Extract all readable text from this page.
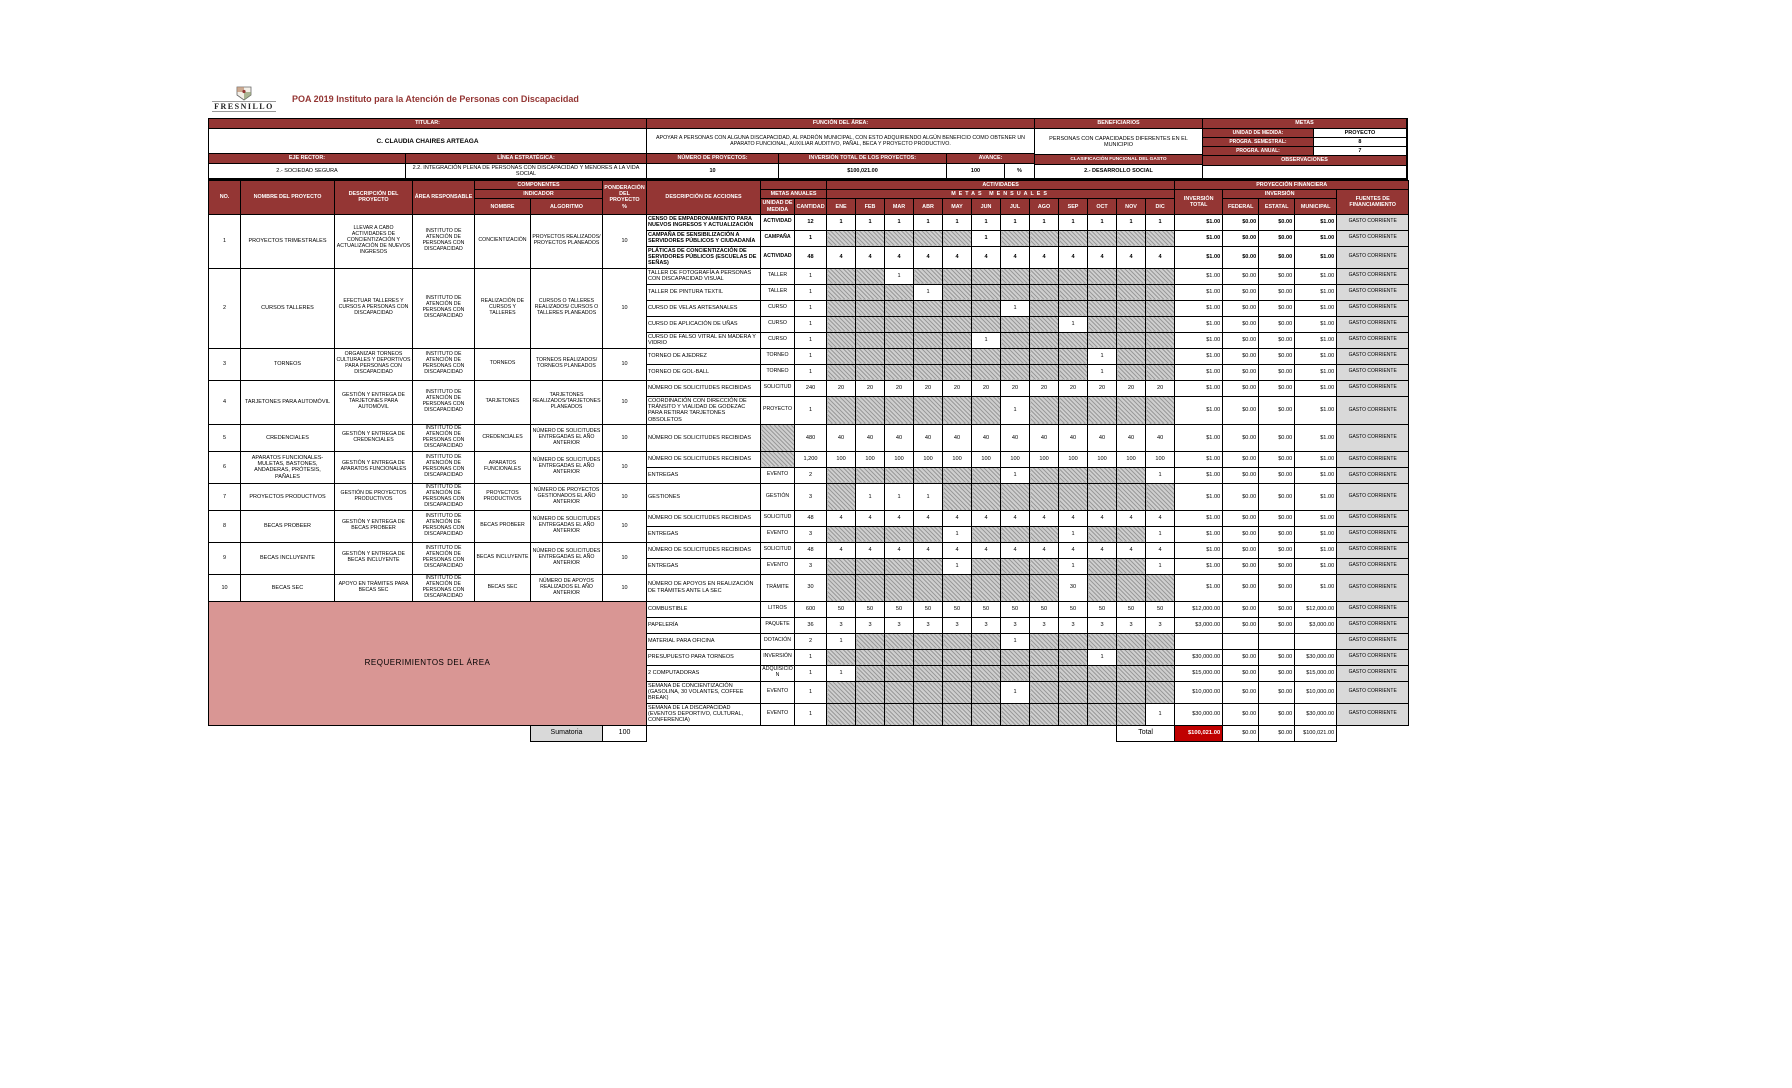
FRESNILLO
POA 2019 Instituto para la Atención de Personas con Discapacidad
TITULAR:
C. CLAUDIA CHAIRES ARTEAGA
EJE RECTOR:
2.- SOCIEDAD SEGURA
LÍNEA ESTRATÉGICA:
2.2. INTEGRACIÓN PLENA DE PERSONAS CON DISCAPACIDAD Y MENORES A LA VIDA SOCIAL
FUNCIÓN DEL ÁREA:
APOYAR A PERSONAS CON ALGUNA DISCAPACIDAD, AL PADRÓN MUNICIPAL, CON ESTO ADQUIRIENDO ALGÚN BENEFICIO COMO OBTENER UN APARATO FUNCIONAL, AUXILIAR AUDITIVO, PAÑAL, BECA Y PROYECTO PRODUCTIVO.
NÚMERO DE PROYECTOS:
10
INVERSIÓN TOTAL DE LOS PROYECTOS:
$100,021.00
AVANCE:
100	%
BENEFICIARIOS
PERSONAS CON CAPACIDADES DIFERENTES EN EL MUNICIPIO
CLASIFICACIÓN FUNCIONAL DEL GASTO
2.- DESARROLLO SOCIAL
METAS
UNIDAD DE MEDIDA:	PROYECTO
PROGRA. SEMESTRAL:	8
PROGRA. ANUAL:	7
OBSERVACIONES
NO.	NOMBRE DEL PROYECTO	DESCRIPCIÓN DEL PROYECTO	ÁREA RESPONSABLE	COMPONENTES		PONDERACIÓN DEL PROYECTO
%	DESCRIPCIÓN DE ACCIONES			ACTIVIDADES												PROYECCIÓN FINANCIERA				
				INDICADOR				METAS ANUALES		METAS MENSUALES												INVERSIÓN TOTAL	INVERSIÓN			FUENTES DE FINANCIAMIENTO
				NOMBRE	ALGORITMO			UNIDAD DE MEDIDA	CANTIDAD	ENE	FEB	MAR	ABR	MAY	JUN	JUL	AGO	SEP	OCT	NOV	DIC		FEDERAL	ESTATAL	MUNICIPAL	
1	PROYECTOS TRIMESTRALES	LLEVAR A CABO ACTIVIDADES DE CONCIENTIZACIÓN Y ACTUALIZACIÓN DE NUEVOS INGRESOS	INSTITUTO DE ATENCIÓN DE PERSONAS CON DISCAPACIDAD	CONCIENTIZACIÓN	PROYECTOS REALIZADOS/ PROYECTOS PLANEADOS	10	CENSO DE EMPADRONAMIENTO PARA NUEVOS INGRESOS Y ACTUALIZACIÓN	ACTIVIDAD	12	1	1	1	1	1	1	1	1	1	1	1	1	$1.00	$0.00	$0.00	$1.00	GASTO CORRIENTE
							CAMPAÑA DE SENSIBILIZACIÓN A SERVIDORES PÚBLICOS Y CIUDADANÍA	CAMPAÑA	1						1							$1.00	$0.00	$0.00	$1.00	GASTO CORRIENTE
							PLÁTICAS DE CONCIENTIZACIÓN DE SERVIDORES PÚBLICOS (ESCUELAS DE SEÑAS)	ACTIVIDAD	48	4	4	4	4	4	4	4	4	4	4	4	4	$1.00	$0.00	$0.00	$1.00	GASTO CORRIENTE
2	CURSOS TALLERES	EFECTUAR TALLERES Y CURSOS A PERSONAS CON DISCAPACIDAD	INSTITUTO DE ATENCIÓN DE PERSONAS CON DISCAPACIDAD	REALIZACIÓN DE CURSOS Y TALLERES	CURSOS O TALLERES REALIZADOS/ CURSOS O TALLERES PLANEADOS	10	TALLER DE FOTOGRAFÍA A PERSONAS CON DISCAPACIDAD VISUAL	TALLER	1			1										$1.00	$0.00	$0.00	$1.00	GASTO CORRIENTE
							TALLER DE PINTURA TEXTIL	TALLER	1				1									$1.00	$0.00	$0.00	$1.00	GASTO CORRIENTE
							CURSO DE VELAS ARTESANALES	CURSO	1							1						$1.00	$0.00	$0.00	$1.00	GASTO CORRIENTE
							CURSO DE APLICACIÓN DE UÑAS	CURSO	1									1				$1.00	$0.00	$0.00	$1.00	GASTO CORRIENTE
							CURSO DE FALSO VITRAL EN MADERA Y VIDRIO	CURSO	1						1							$1.00	$0.00	$0.00	$1.00	GASTO CORRIENTE
3	TORNEOS	ORGANIZAR TORNEOS CULTURALES Y DEPORTIVOS PARA PERSONAS CON DISCAPACIDAD	INSTITUTO DE ATENCIÓN DE PERSONAS CON DISCAPACIDAD	TORNEOS	TORNEOS REALIZADOS/ TORNEOS PLANEADOS	10	TORNEO DE AJEDREZ	TORNEO	1										1			$1.00	$0.00	$0.00	$1.00	GASTO CORRIENTE
							TORNEO DE GOL-BALL	TORNEO	1										1			$1.00	$0.00	$0.00	$1.00	GASTO CORRIENTE
4	TARJETONES PARA AUTOMÓVIL	GESTIÓN Y ENTREGA DE TARJETONES PARA AUTOMÓVIL	INSTITUTO DE ATENCIÓN DE PERSONAS CON DISCAPACIDAD	TARJETONES	TARJETONES REALIZADOS/TARJETONES PLANEADOS	10	NÚMERO DE SOLICITUDES RECIBIDAS	SOLICITUD	240	20	20	20	20	20	20	20	20	20	20	20	20	$1.00	$0.00	$0.00	$1.00	GASTO CORRIENTE
							COORDINACIÓN CON DIRECCIÓN DE TRÁNSITO Y VIALIDAD DE GODEZAC PARA RETIRAR TARJETONES OBSOLETOS	PROYECTO	1							1						$1.00	$0.00	$0.00	$1.00	GASTO CORRIENTE
5	CREDENCIALES	GESTIÓN Y ENTREGA DE CREDENCIALES	INSTITUTO DE ATENCIÓN DE PERSONAS CON DISCAPACIDAD	CREDENCIALES	NÚMERO DE SOLICITUDES ENTREGADAS EL AÑO ANTERIOR	10	NÚMERO DE SOLICITUDES RECIBIDAS		480	40	40	40	40	40	40	40	40	40	40	40	40	$1.00	$0.00	$0.00	$1.00	GASTO CORRIENTE
6	APARATOS FUNCIONALES- MULETAS, BASTONES, ANDADERAS, PRÓTESIS, PAÑALES	GESTIÓN Y ENTREGA DE APARATOS FUNCIONALES	INSTITUTO DE ATENCIÓN DE PERSONAS CON DISCAPACIDAD	APARATOS FUNCIONALES	NÚMERO DE SOLICITUDES ENTREGADAS EL AÑO ANTERIOR	10	NÚMERO DE SOLICITUDES RECIBIDAS		1,200	100	100	100	100	100	100	100	100	100	100	100	100	$1.00	$0.00	$0.00	$1.00	GASTO CORRIENTE
							ENTREGAS	EVENTO	2							1					1	$1.00	$0.00	$0.00	$1.00	GASTO CORRIENTE
7	PROYECTOS PRODUCTIVOS	GESTIÓN DE PROYECTOS PRODUCTIVOS	INSTITUTO DE ATENCIÓN DE PERSONAS CON DISCAPACIDAD	PROYECTOS PRODUCTIVOS	NÚMERO DE PROYECTOS GESTIONADOS EL AÑO ANTERIOR	10	GESTIONES	GESTIÓN	3		1	1	1									$1.00	$0.00	$0.00	$1.00	GASTO CORRIENTE
8	BECAS PROBEER	GESTIÓN Y ENTREGA DE BECAS PROBEER	INSTITUTO DE ATENCIÓN DE PERSONAS CON DISCAPACIDAD	BECAS PROBEER	NÚMERO DE SOLICITUDES ENTREGADAS EL AÑO ANTERIOR	10	NÚMERO DE SOLICITUDES RECIBIDAS	SOLICITUD	48	4	4	4	4	4	4	4	4	4	4	4	4	$1.00	$0.00	$0.00	$1.00	GASTO CORRIENTE
							ENTREGAS	EVENTO	3					1				1			1	$1.00	$0.00	$0.00	$1.00	GASTO CORRIENTE
9	BECAS INCLUYENTE	GESTIÓN Y ENTREGA DE BECAS INCLUYENTE	INSTITUTO DE ATENCIÓN DE PERSONAS CON DISCAPACIDAD	BECAS INCLUYENTE	NÚMERO DE SOLICITUDES ENTREGADAS EL AÑO ANTERIOR	10	NÚMERO DE SOLICITUDES RECIBIDAS	SOLICITUD	48	4	4	4	4	4	4	4	4	4	4	4	4	$1.00	$0.00	$0.00	$1.00	GASTO CORRIENTE
							ENTREGAS	EVENTO	3					1				1			1	$1.00	$0.00	$0.00	$1.00	GASTO CORRIENTE
10	BECAS SEC	APOYO EN TRÁMITES PARA BECAS SEC	INSTITUTO DE ATENCIÓN DE PERSONAS CON DISCAPACIDAD	BECAS SEC	NÚMERO DE APOYOS REALIZADOS EL AÑO ANTERIOR	10	NÚMERO DE APOYOS EN REALIZACIÓN DE TRÁMITES ANTE LA SEC	TRÁMITE	30									30				$1.00	$0.00	$0.00	$1.00	GASTO CORRIENTE
REQUERIMIENTOS DEL ÁREA							COMBUSTIBLE	LITROS	600	50	50	50	50	50	50	50	50	50	50	50	50	$12,000.00	$0.00	$0.00	$12,000.00	GASTO CORRIENTE
							PAPELERÍA	PAQUETE	36	3	3	3	3	3	3	3	3	3	3	3	3	$3,000.00	$0.00	$0.00	$3,000.00	GASTO CORRIENTE
							MATERIAL PARA OFICINA	DOTACIÓN	2	1						1										GASTO CORRIENTE
							PRESUPUESTO PARA TORNEOS	INVERSIÓN	1										1			$30,000.00	$0.00	$0.00	$30,000.00	GASTO CORRIENTE
							2 COMPUTADORAS	ADQUISICIÓN	1	1												$15,000.00	$0.00	$0.00	$15,000.00	GASTO CORRIENTE
							SEMANA DE CONCIENTIZACIÓN (GASOLINA, 30 VOLANTES, COFFEE BREAK)	EVENTO	1							1						$10,000.00	$0.00	$0.00	$10,000.00	GASTO CORRIENTE
							SEMANA DE LA DISCAPACIDAD (EVENTOS DEPORTIVO, CULTURAL, CONFERENCIA)	EVENTO	1												1	$30,000.00	$0.00	$0.00	$30,000.00	GASTO CORRIENTE
					Sumatoria	100														Total		$100,021.00	$0.00	$0.00	$100,021.00	
